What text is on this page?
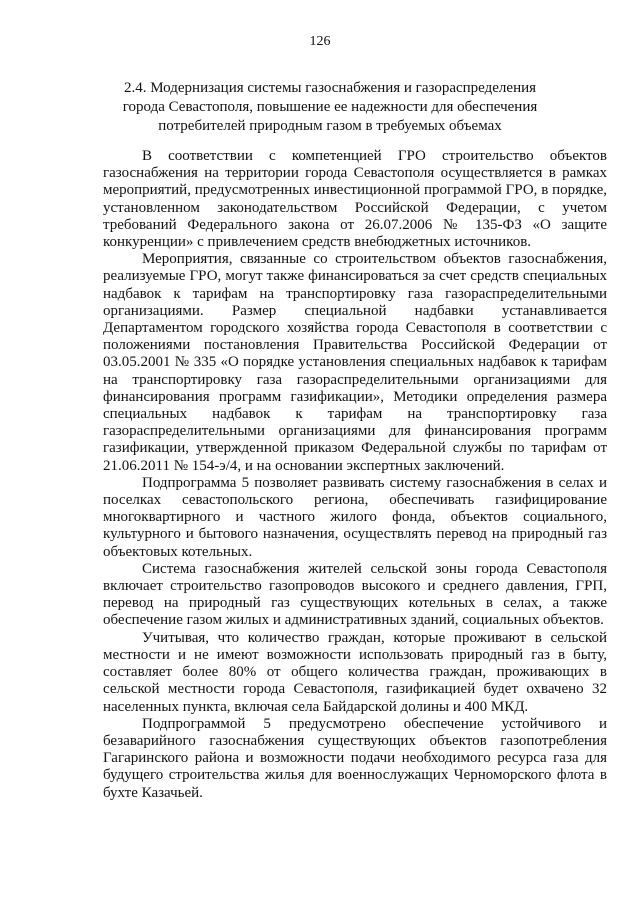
126
2.4. Модернизация системы газоснабжения и газораспределения
города Севастополя, повышение ее надежности для обеспечения
потребителей природным газом в требуемых объемах

В соответствии с компетенцией ГРО строительство объектов газоснабжения на территории города Севастополя осуществляется в рамках мероприятий, предусмотренных инвестиционной программой ГРО, в порядке, установленном законодательством Российской Федерации, с учетом требований Федерального закона от 26.07.2006 № 135-ФЗ «О защите конкуренции» с привлечением средств внебюджетных источников.

Мероприятия, связанные со строительством объектов газоснабжения, реализуемые ГРО, могут также финансироваться за счет средств специальных надбавок к тарифам на транспортировку газа газораспределительными организациями. Размер специальной надбавки устанавливается Департаментом городского хозяйства города Севастополя в соответствии с положениями постановления Правительства Российской Федерации от 03.05.2001 № 335 «О порядке установления специальных надбавок к тарифам на транспортировку газа газораспределительными организациями для финансирования программ газификации», Методики определения размера специальных надбавок к тарифам на транспортировку газа газораспределительными организациями для финансирования программ газификации, утвержденной приказом Федеральной службы по тарифам от 21.06.2011 № 154-э/4, и на основании экспертных заключений.

Подпрограмма 5 позволяет развивать систему газоснабжения в селах и поселках севастопольского региона, обеспечивать газифицирование многоквартирного и частного жилого фонда, объектов социального, культурного и бытового назначения, осуществлять перевод на природный газ объектовых котельных.

Система газоснабжения жителей сельской зоны города Севастополя включает строительство газопроводов высокого и среднего давления, ГРП, перевод на природный газ существующих котельных в селах, а также обеспечение газом жилых и административных зданий, социальных объектов.

Учитывая, что количество граждан, которые проживают в сельской местности и не имеют возможности использовать природный газ в быту, составляет более 80% от общего количества граждан, проживающих в сельской местности города Севастополя, газификацией будет охвачено 32 населенных пункта, включая села Байдарской долины и 400 МКД.

Подпрограммой 5 предусмотрено обеспечение устойчивого и безаварийного газоснабжения существующих объектов газопотребления Гагаринского района и возможности подачи необходимого ресурса газа для будущего строительства жилья для военнослужащих Черноморского флота в бухте Казачьей.
